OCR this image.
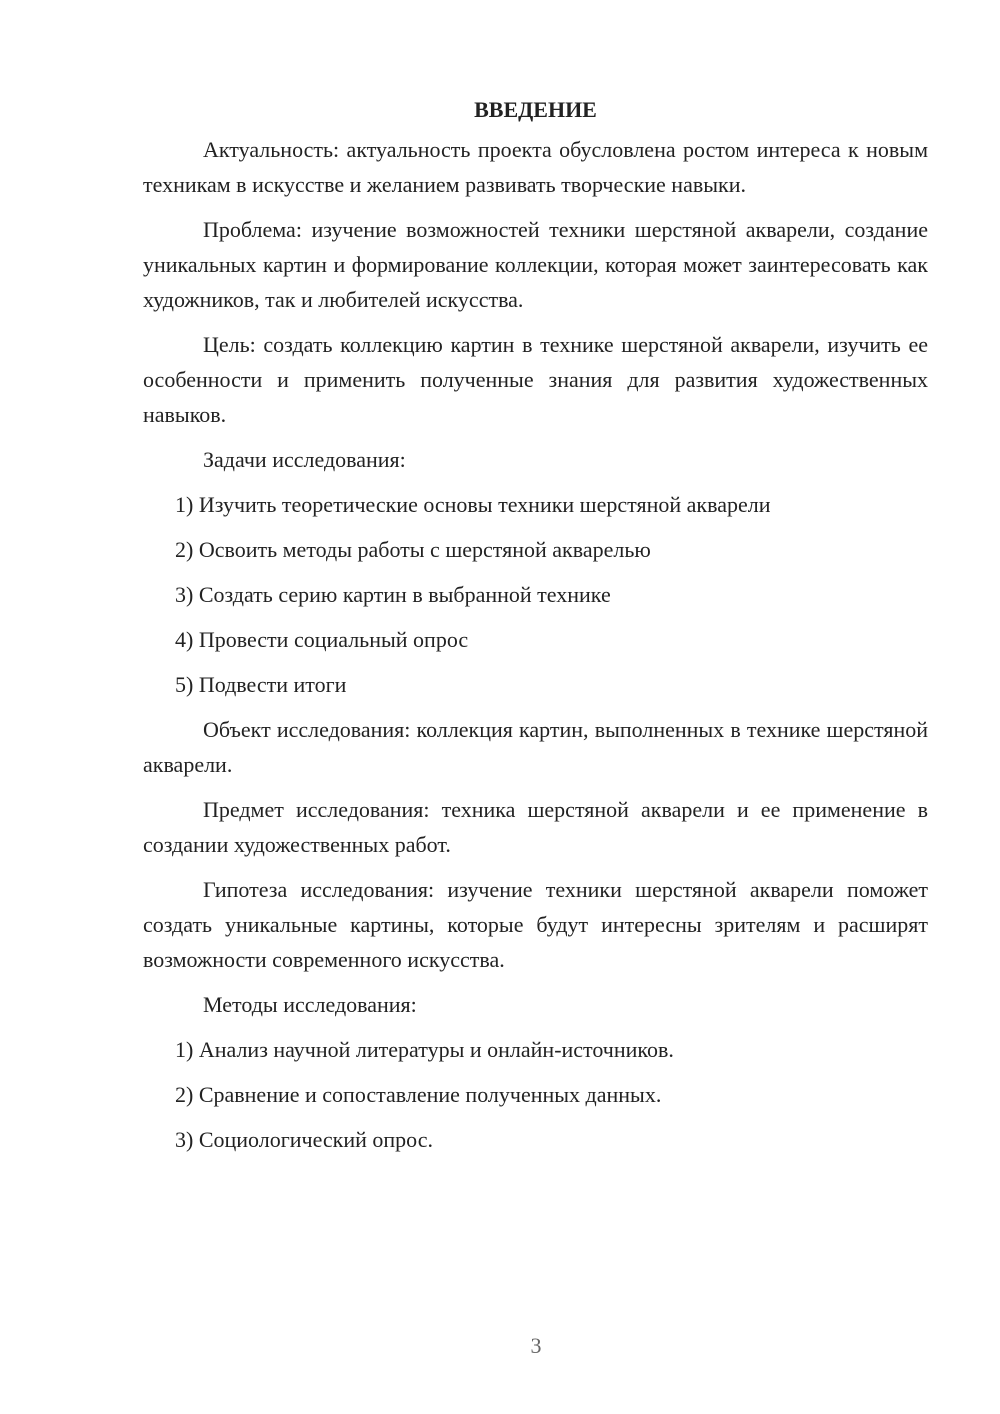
ВВЕДЕНИЕ

Актуальность: актуальность проекта обусловлена ростом интереса к новым техникам в искусстве и желанием развивать творческие навыки.

Проблема: изучение возможностей техники шерстяной акварели, создание уникальных картин и формирование коллекции, которая может заинтересовать как художников, так и любителей искусства.

Цель: создать коллекцию картин в технике шерстяной акварели, изучить ее особенности и применить полученные знания для развития художественных навыков.

Задачи исследования:

1) Изучить теоретические основы техники шерстяной акварели
2) Освоить методы работы с шерстяной акварелью
3) Создать серию картин в выбранной технике
4) Провести социальный опрос
5) Подвести итоги

Объект исследования: коллекция картин, выполненных в технике шерстяной акварели.

Предмет исследования: техника шерстяной акварели и ее применение в создании художественных работ.

Гипотеза исследования: изучение техники шерстяной акварели поможет создать уникальные картины, которые будут интересны зрителям и расширят возможности современного искусства.

Методы исследования:

1) Анализ научной литературы и онлайн-источников.
2) Сравнение и сопоставление полученных данных.
3) Социологический опрос.
3
